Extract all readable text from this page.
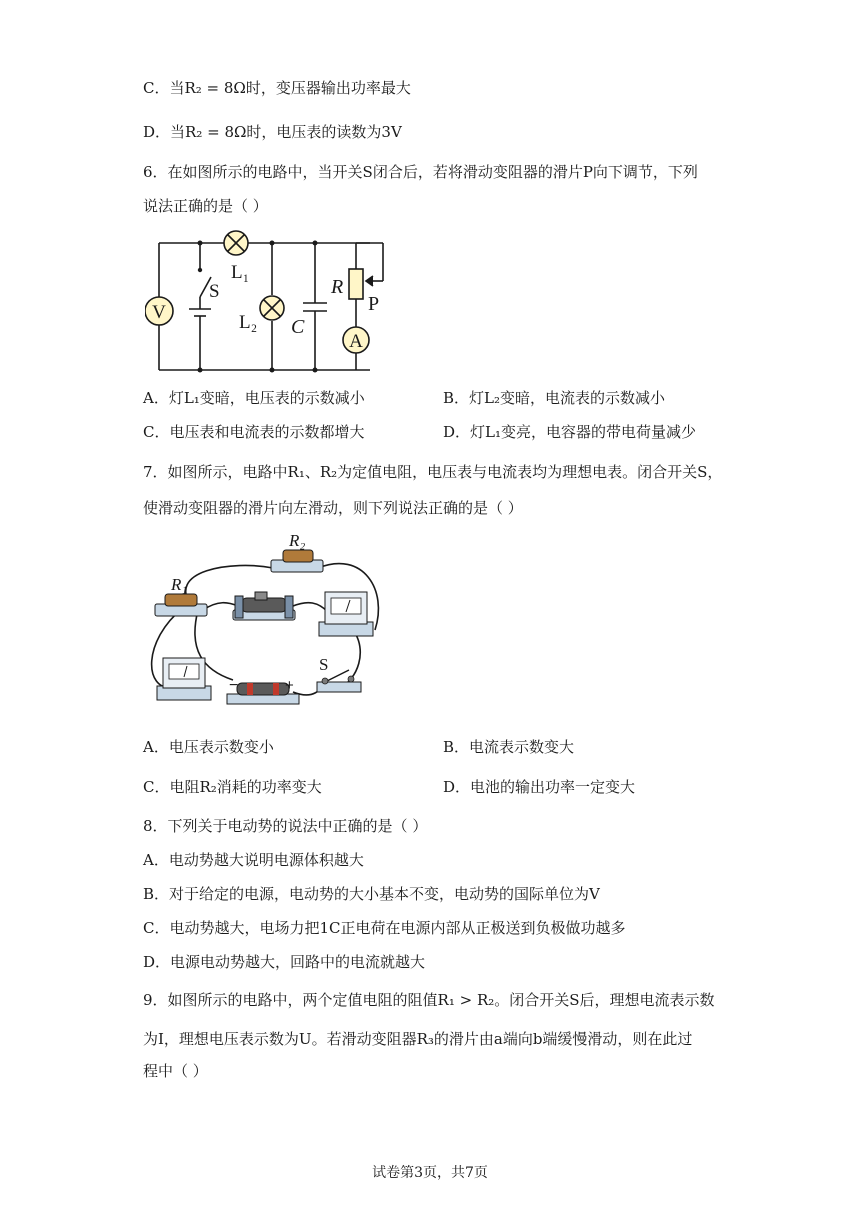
C．当R₂ = 8Ω时，变压器输出功率最大
D．当R₂ = 8Ω时，电压表的读数为3V
6．在如图所示的电路中，当开关S闭合后，若将滑动变阻器的滑片P向下调节，下列
说法正确的是（ ）
V
A
S
L₁
L₂ C
R
P
A．灯L₁变暗，电压表的示数减小	B．灯L₂变暗，电流表的示数减小
C．电压表和电流表的示数都增大	D．灯L₁变亮，电容器的带电荷量减少
7．如图所示，电路中R₁、R₂为定值电阻，电压表与电流表均为理想电表。闭合开关S，
使滑动变阻器的滑片向左滑动，则下列说法正确的是（ ）
R₂
R₁
−	+
S
A．电压表示数变小	B．电流表示数变大
C．电阻R₂消耗的功率变大	D．电池的输出功率一定变大
8．下列关于电动势的说法中正确的是（ ）
A．电动势越大说明电源体积越大
B．对于给定的电源，电动势的大小基本不变，电动势的国际单位为V
C．电动势越大，电场力把1C正电荷在电源内部从正极送到负极做功越多
D．电源电动势越大，回路中的电流就越大
9．如图所示的电路中，两个定值电阻的阻值R₁ > R₂。闭合开关S后，理想电流表示数
为I，理想电压表示数为U。若滑动变阻器R₃的滑片由a端向b端缓慢滑动，则在此过
程中（ ）
试卷第3页，共7页
